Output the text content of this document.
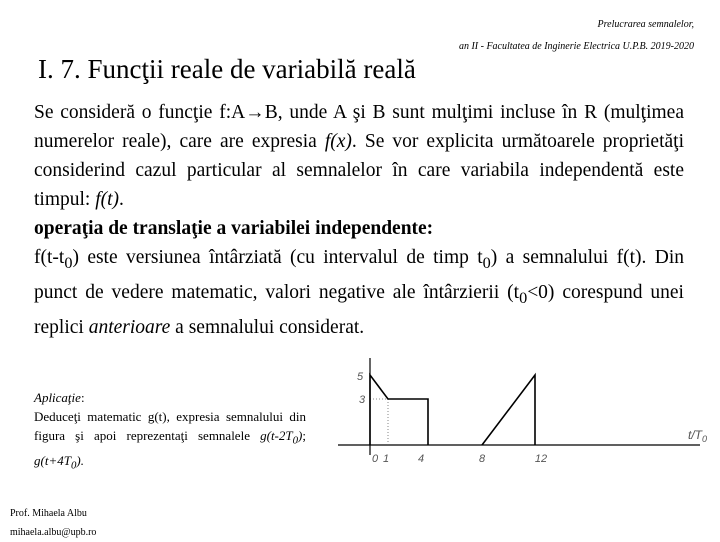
Prelucrarea semnalelor,
an II - Facultatea de Inginerie Electrica U.P.B. 2019-2020
I. 7. Funcţii reale de variabilă reală

Se consideră o funcţie f:A→B, unde A şi B sunt mulţimi incluse în R (mulţimea numerelor reale), care are expresia f(x). Se vor explicita următoarele proprietăţi considerind cazul particular al semnalelor în care variabila independentă este timpul: f(t).

operaţia de translaţie a variabilei independente:

$f(t-t_0)$ este versiunea întârziată (cu intervalul de timp $t_0$) a semnalului f(t). Din punct de vedere matematic, valori negative ale întârzierii $(t_0<0)$ corespund unei replici anterioare a semnalului considerat.

Aplicaţie:
Deduceţi matematic g(t), expresia semnalului din figura şi apoi reprezentaţi semnalele $g(t-2T_0)$; $g(t+4T_0)$.
5
3
0 1	4	8	12
$t/T_0$
Prof. Mihaela Albu
mihaela.albu@upb.ro
